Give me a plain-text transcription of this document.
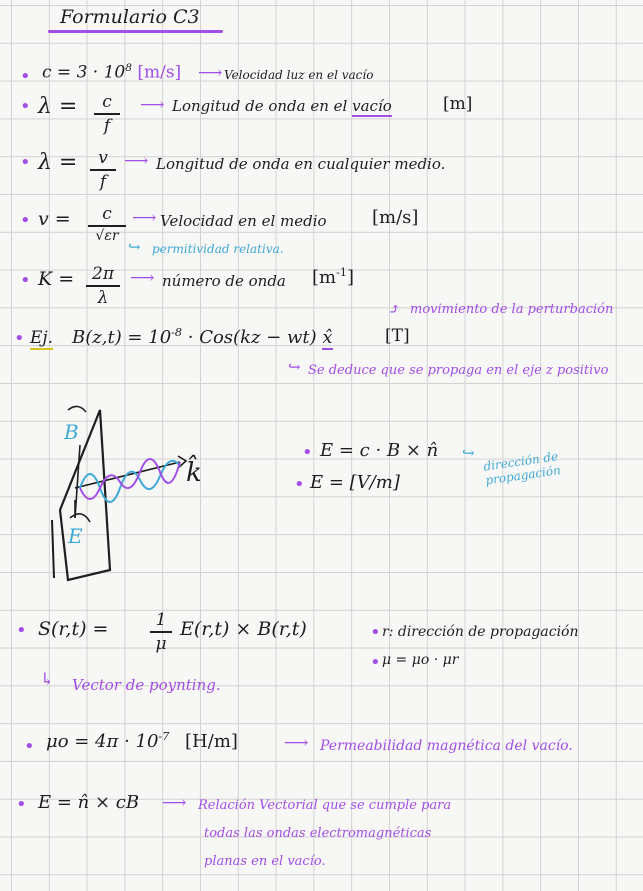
Formulario C3
• $c = 3 \cdot 10^8$ [m/s] ⟶ Velocidad luz en el vacío
• λ =	c
f
⟶ Longitud de onda en el vacío	[m]
• λ =	v
f
⟶ Longitud de onda en cualquier medio.
• v =	c
√εr
⟶ Velocidad en el medio	[m/s]
↪ permitividad relativa.
• K =	2π
λ
⟶ número de onda $[m^{-1}]$
⤴ movimiento de la perturbación
• Ej. $B(z,t) = 10^{-8} \cdot Cos(kz - wt)$ x̂	[T]
↪ Se deduce que se propaga en el eje z positivo
B
E
k̂
• E = c · B × n̂ ↪ dirección de propagación
• E = [V/m]
• S(r,t) =	1
μ
E(r,t) × B(r,t)	• r: dirección de propagación
• μ = μo · μr
↳ Vector de poynting.
• $\mu o = 4\pi \cdot 10^{-7}$ [H/m]	⟶ Permeabilidad magnética del vacío.
• E = n̂ × cB ⟶ Relación Vectorial que se cumple para
todas las ondas electromagnéticas
planas en el vacío.
